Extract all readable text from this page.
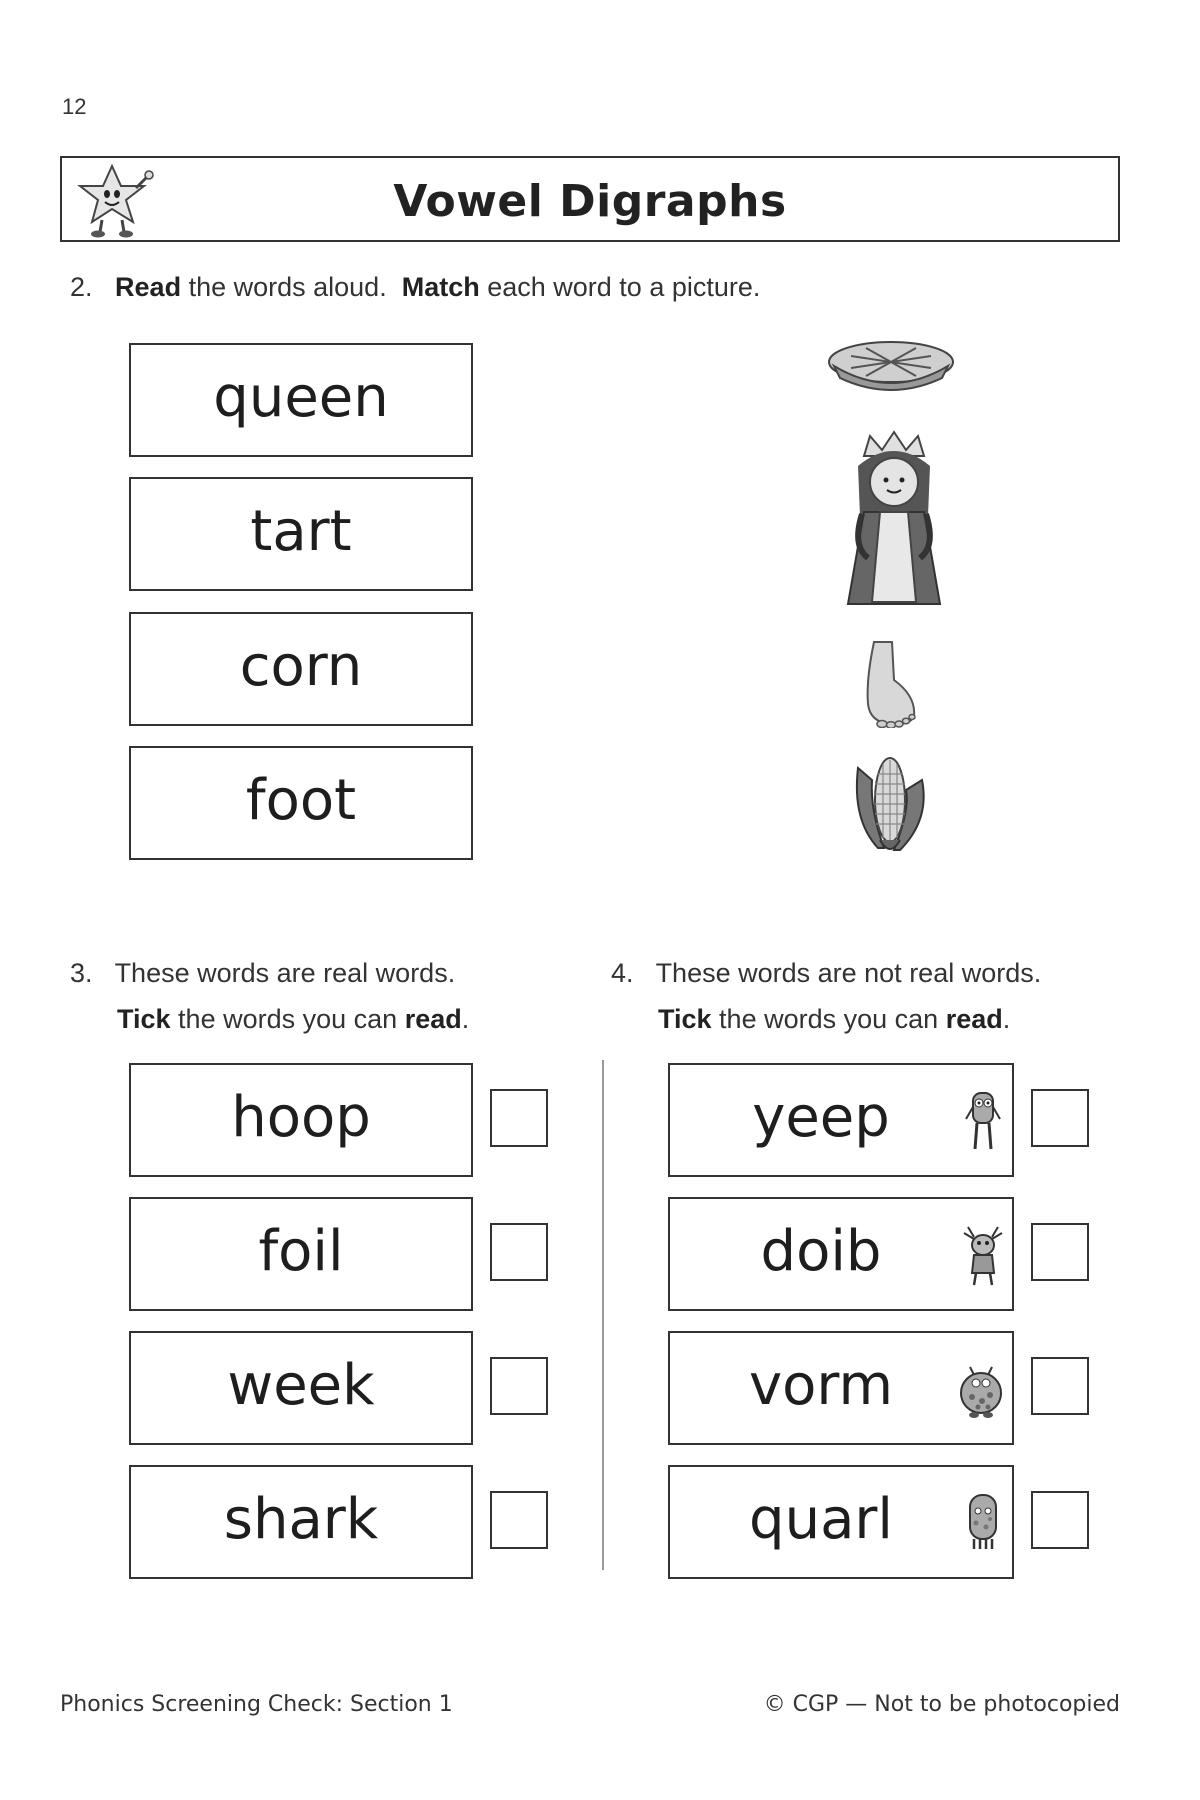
12
Vowel Digraphs
2. Read the words aloud.  Match each word to a picture.
queen
tart
corn
foot
3. These words are real words.
Tick the words you can read.
4. These words are not real words.
Tick the words you can read.
hoop
foil
week
shark
yeep
doib
vorm
quarl
Phonics Screening Check: Section 1	© CGP — Not to be photocopied
